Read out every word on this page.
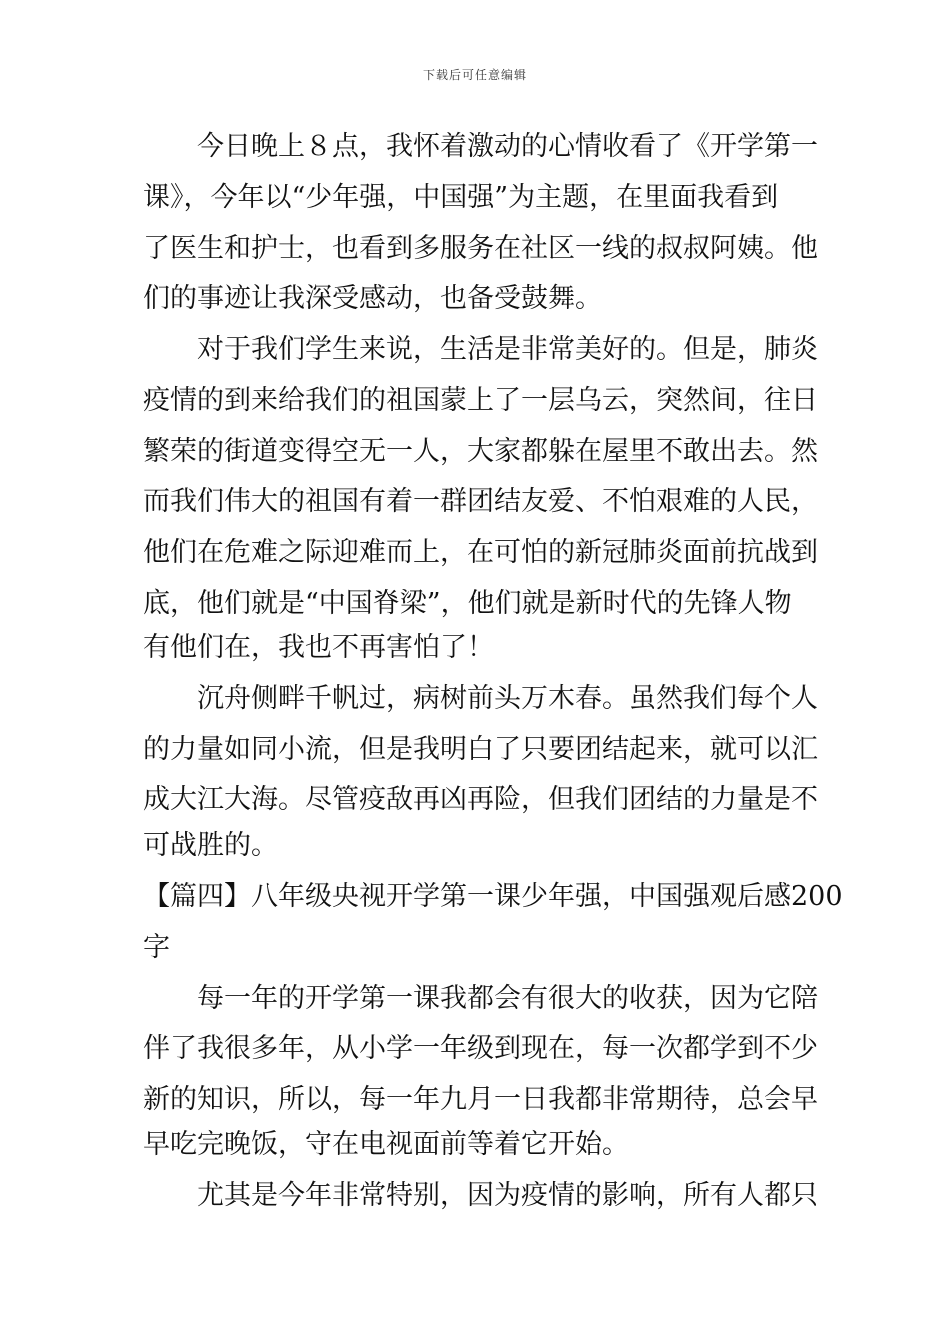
下载后可任意编辑
今日晚上８点，我怀着激动的心情收看了《开学第一
课》，今年以“少年强，中国强”为主题，在里面我看到
了医生和护士，也看到多服务在社区一线的叔叔阿姨。他
们的事迹让我深受感动，也备受鼓舞。
对于我们学生来说，生活是非常美好的。但是，肺炎
疫情的到来给我们的祖国蒙上了一层乌云，突然间，往日
繁荣的街道变得空无一人，大家都躲在屋里不敢出去。然
而我们伟大的祖国有着一群团结友爱、不怕艰难的人民，
他们在危难之际迎难而上，在可怕的新冠肺炎面前抗战到
底，他们就是“中国脊梁”，他们就是新时代的先锋人物
有他们在，我也不再害怕了！
沉舟侧畔千帆过，病树前头万木春。虽然我们每个人
的力量如同小流，但是我明白了只要团结起来，就可以汇
成大江大海。尽管疫敌再凶再险，但我们团结的力量是不
可战胜的。
【篇四】八年级央视开学第一课少年强，中国强观后感200
字
每一年的开学第一课我都会有很大的收获，因为它陪
伴了我很多年，从小学一年级到现在，每一次都学到不少
新的知识，所以，每一年九月一日我都非常期待，总会早
早吃完晚饭，守在电视面前等着它开始。
尤其是今年非常特别，因为疫情的影响，所有人都只
